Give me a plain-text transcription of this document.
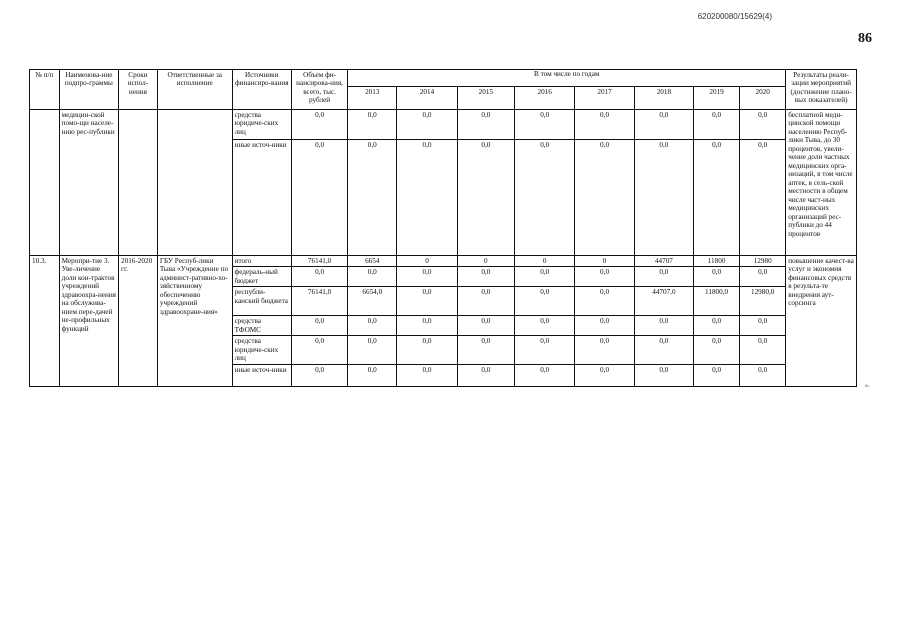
620200080/15629(4)
86
№ п/п	Наименова-ние подпро-граммы	Сроки испол-нения	Ответственные за исполнение	Источники финансиро-вания	Объем фи-нансирова-ния, всего, тыс. рублей	В том числе по годам								Результаты реали-зации мероприятий (достижение плано-вых показателей)
						2013	2014	2015	2016	2017	2018	2019	2020	
	медицин-ской помо-щи населе-нию рес-публики			средства юридиче-ских лиц	0,0	0,0	0,0	0,0	0,0	0,0	0,0	0,0	0,0	бесплатной меди-цинской помощи населению Респуб-лики Тыва, до 30 процентов, увели-чение доли частных медицинских орга-низаций, в том числе аптек, в сель-ской местности в общем числе част-ных медицинских организаций рес-публики до 44 процентов
				иные источ-ники	0,0	0,0	0,0	0,0	0,0	0,0	0,0	0,0	0,0	
10.3.	Меропри-тие 3. Уве-личение доли кон-трактов учреждений здравоохра-нения на обслужива-нием пере-дачей не-профильных функций	2016-2020 гг.	ГБУ Респуб-лики Тыва «Учреждение по админист-ративно-хо-зяйственному обеспечению учреждений здравоохране-ния»	итого	76141,0	6654	0	0	0	0	44707	11800	12980	повышение качест-ва услуг и экономия финансовых средств в результа-те внедрения аут-сорсинга
				федераль-ный бюджет	0,0	0,0	0,0	0,0	0,0	0,0	0,0	0,0	0,0	
				республи-канский бюджета	76141,0	6654,0	0,0	0,0	0,0	0,0	44707,0	11800,0	12980,0	
				средства ТФОМС	0,0	0,0	0,0	0,0	0,0	0,0	0,0	0,0	0,0	
				средства юридиче-ских лиц	0,0	0,0	0,0	0,0	0,0	0,0	0,0	0,0	0,0	
				иные источ-ники	0,0	0,0	0,0	0,0	0,0	0,0	0,0	0,0	0,0	
».
